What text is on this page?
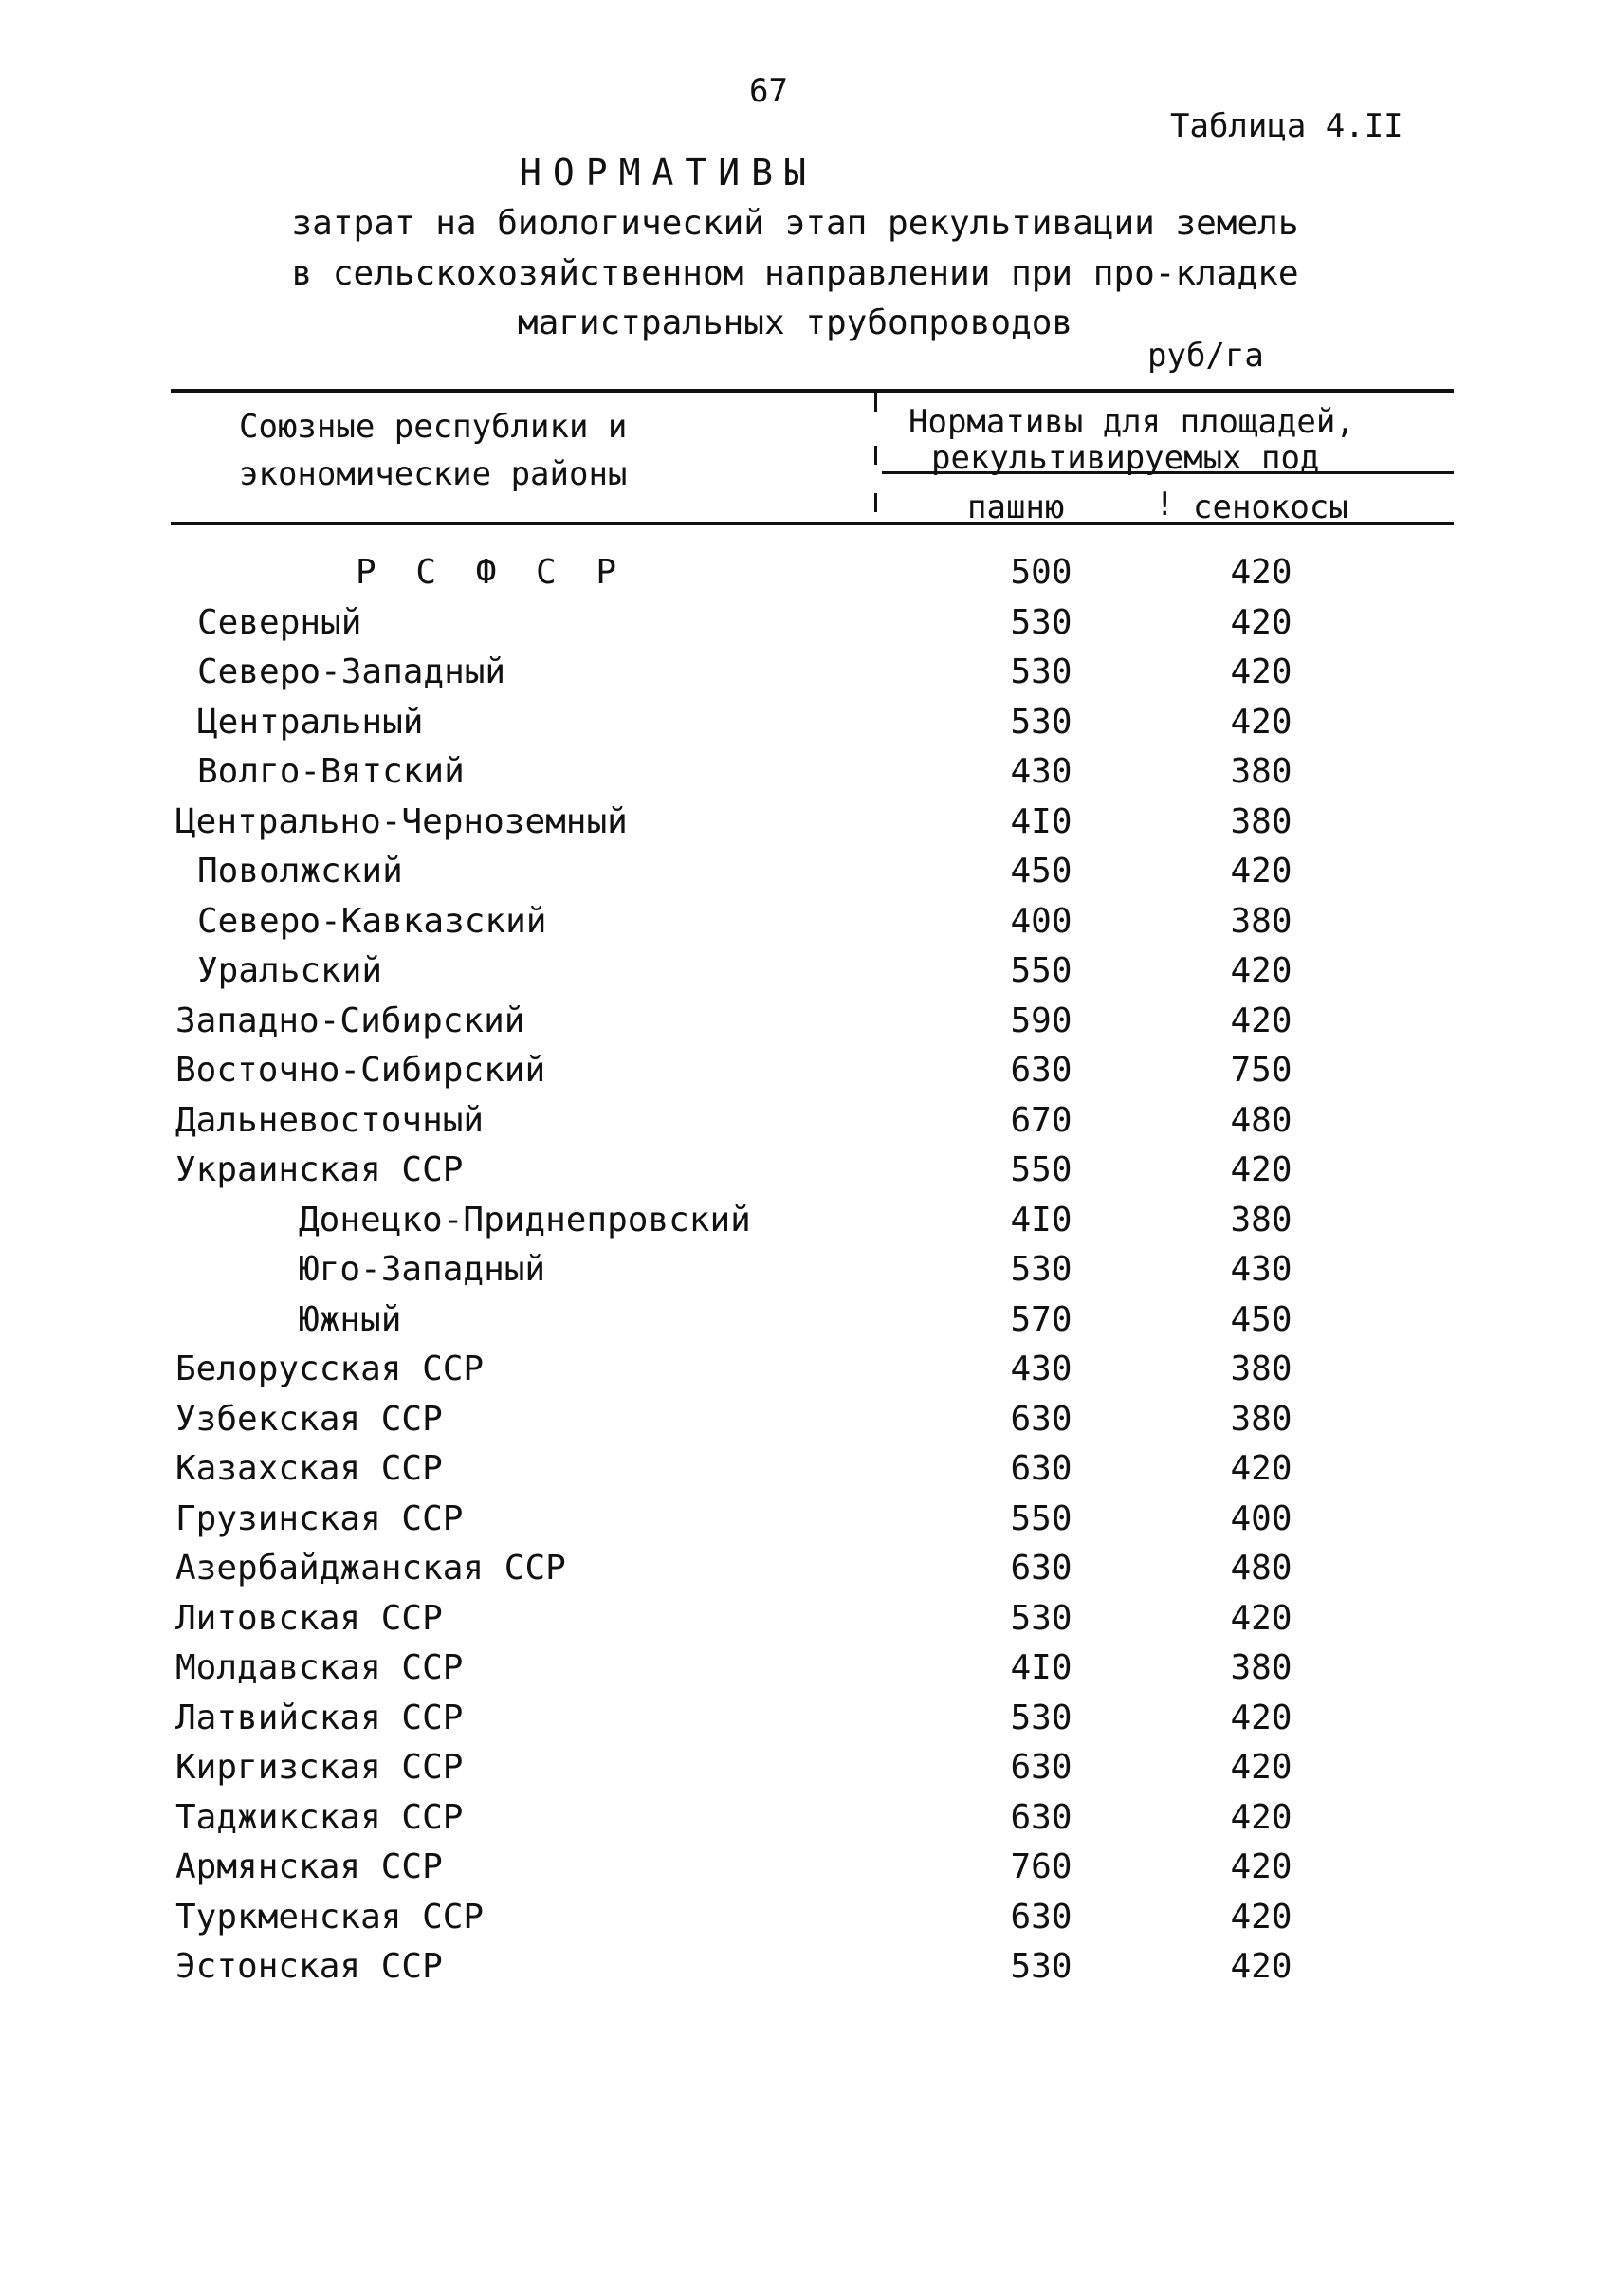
67
Таблица 4.II
НОРМАТИВЫ
затрат на биологический этап рекультивации земель
в сельскохозяйственном направлении при про-кладке
магистральных трубопроводов
руб/га
Союзные республики и
экономические районы
Нормативы для площадей,
рекультивируемых под
пашню	! сенокосы
Р С Ф С Р	500	420
Северный	530	420
Северо-Западный	530	420
Центральный	530	420
Волго-Вятский	430	380
Центрально-Черноземный	4I0	380
Поволжский	450	420
Северо-Кавказский	400	380
Уральский	550	420
Западно-Сибирский	590	420
Восточно-Сибирский	630	750
Дальневосточный	670	480
Украинская ССР	550	420
Донецко-Приднепровский	4I0	380
Юго-Западный	530	430
Южный	570	450
Белорусская ССР	430	380
Узбекская ССР	630	380
Казахская ССР	630	420
Грузинская ССР	550	400
Азербайджанская ССР	630	480
Литовская ССР	530	420
Молдавская ССР	4I0	380
Латвийская ССР	530	420
Киргизская ССР	630	420
Таджикская ССР	630	420
Армянская ССР	760	420
Туркменская ССР	630	420
Эстонская ССР	530	420
